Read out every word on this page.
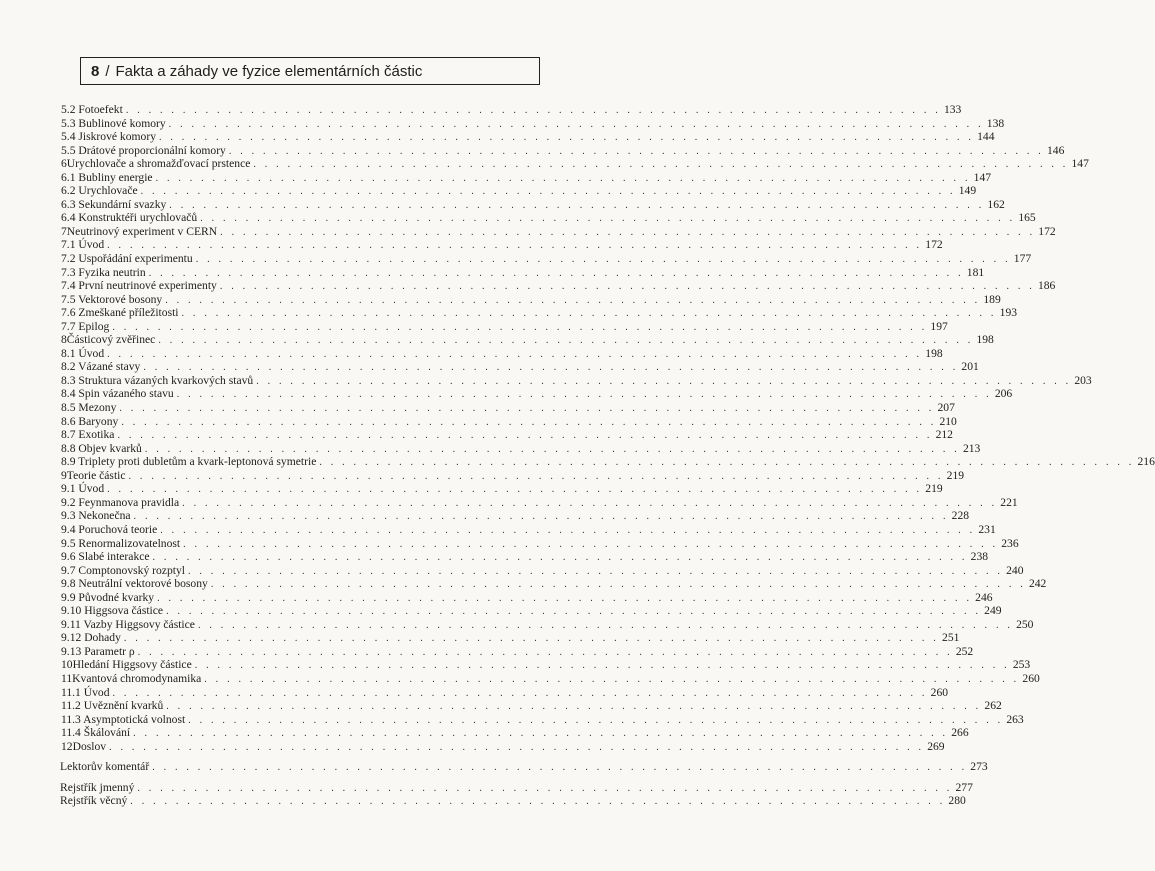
8 / Fakta a záhady ve fyzice elementárních částic
5.2 Fotoefekt . . . . . . . . . . . . . . . . . . . . . . . . . . . . . . . . . . . . . . . . . . . . . . . . . . . . . . . . . . . . . . . . . . . . . . . . 133
5.3 Bublinové komory . . . . . . . . . . . . . . . . . . . . . . . . . . . . . . . . . . . . . . . . . . . . . . . . . . . . . . . . . . . . . . . . . . . . . . . . 138
5.4 Jiskrové komory . . . . . . . . . . . . . . . . . . . . . . . . . . . . . . . . . . . . . . . . . . . . . . . . . . . . . . . . . . . . . . . . . . . . . . . . 144
5.5 Drátové proporcionální komory . . . . . . . . . . . . . . . . . . . . . . . . . . . . . . . . . . . . . . . . . . . . . . . . . . . . . . . . . . . . . . . . . . . . . . . . 146
6 Urychlovače a shromažďovací prstence . . . . . . . . . . . . . . . . . . . . . . . . . . . . . . . . . . . . . . . . . . . . . . . . . . . . . . . . . . . . . . . . . . . . . . . . 147
6.1 Bubliny energie . . . . . . . . . . . . . . . . . . . . . . . . . . . . . . . . . . . . . . . . . . . . . . . . . . . . . . . . . . . . . . . . . . . . . . . . 147
6.2 Urychlovače . . . . . . . . . . . . . . . . . . . . . . . . . . . . . . . . . . . . . . . . . . . . . . . . . . . . . . . . . . . . . . . . . . . . . . . . 149
6.3 Sekundární svazky . . . . . . . . . . . . . . . . . . . . . . . . . . . . . . . . . . . . . . . . . . . . . . . . . . . . . . . . . . . . . . . . . . . . . . . . 162
6.4 Konstruktéři urychlovačů . . . . . . . . . . . . . . . . . . . . . . . . . . . . . . . . . . . . . . . . . . . . . . . . . . . . . . . . . . . . . . . . . . . . . . . . 165
7 Neutrinový experiment v CERN . . . . . . . . . . . . . . . . . . . . . . . . . . . . . . . . . . . . . . . . . . . . . . . . . . . . . . . . . . . . . . . . . . . . . . . . 172
7.1 Úvod . . . . . . . . . . . . . . . . . . . . . . . . . . . . . . . . . . . . . . . . . . . . . . . . . . . . . . . . . . . . . . . . . . . . . . . . 172
7.2 Uspořádání experimentu . . . . . . . . . . . . . . . . . . . . . . . . . . . . . . . . . . . . . . . . . . . . . . . . . . . . . . . . . . . . . . . . . . . . . . . . 177
7.3 Fyzika neutrin . . . . . . . . . . . . . . . . . . . . . . . . . . . . . . . . . . . . . . . . . . . . . . . . . . . . . . . . . . . . . . . . . . . . . . . . 181
7.4 První neutrinové experimenty . . . . . . . . . . . . . . . . . . . . . . . . . . . . . . . . . . . . . . . . . . . . . . . . . . . . . . . . . . . . . . . . . . . . . . . . 186
7.5 Vektorové bosony . . . . . . . . . . . . . . . . . . . . . . . . . . . . . . . . . . . . . . . . . . . . . . . . . . . . . . . . . . . . . . . . . . . . . . . . 189
7.6 Zmeškané příležitosti . . . . . . . . . . . . . . . . . . . . . . . . . . . . . . . . . . . . . . . . . . . . . . . . . . . . . . . . . . . . . . . . . . . . . . . . 193
7.7 Epilog . . . . . . . . . . . . . . . . . . . . . . . . . . . . . . . . . . . . . . . . . . . . . . . . . . . . . . . . . . . . . . . . . . . . . . . . 197
8 Částicový zvěřinec . . . . . . . . . . . . . . . . . . . . . . . . . . . . . . . . . . . . . . . . . . . . . . . . . . . . . . . . . . . . . . . . . . . . . . . . 198
8.1 Úvod . . . . . . . . . . . . . . . . . . . . . . . . . . . . . . . . . . . . . . . . . . . . . . . . . . . . . . . . . . . . . . . . . . . . . . . . 198
8.2 Vázané stavy . . . . . . . . . . . . . . . . . . . . . . . . . . . . . . . . . . . . . . . . . . . . . . . . . . . . . . . . . . . . . . . . . . . . . . . . 201
8.3 Struktura vázaných kvarkových stavů . . . . . . . . . . . . . . . . . . . . . . . . . . . . . . . . . . . . . . . . . . . . . . . . . . . . . . . . . . . . . . . . . . . . . . . . 203
8.4 Spin vázaného stavu . . . . . . . . . . . . . . . . . . . . . . . . . . . . . . . . . . . . . . . . . . . . . . . . . . . . . . . . . . . . . . . . . . . . . . . . 206
8.5 Mezony . . . . . . . . . . . . . . . . . . . . . . . . . . . . . . . . . . . . . . . . . . . . . . . . . . . . . . . . . . . . . . . . . . . . . . . . 207
8.6 Baryony . . . . . . . . . . . . . . . . . . . . . . . . . . . . . . . . . . . . . . . . . . . . . . . . . . . . . . . . . . . . . . . . . . . . . . . . 210
8.7 Exotika . . . . . . . . . . . . . . . . . . . . . . . . . . . . . . . . . . . . . . . . . . . . . . . . . . . . . . . . . . . . . . . . . . . . . . . . 212
8.8 Objev kvarků . . . . . . . . . . . . . . . . . . . . . . . . . . . . . . . . . . . . . . . . . . . . . . . . . . . . . . . . . . . . . . . . . . . . . . . . 213
8.9 Triplety proti dubletům a kvark-leptonová symetrie . . . . . . . . . . . . . . . . . . . . . . . . . . . . . . . . . . . . . . . . . . . . . . . . . . . . . . . . . . . . . . . . . . . . . . . . 216
9 Teorie částic . . . . . . . . . . . . . . . . . . . . . . . . . . . . . . . . . . . . . . . . . . . . . . . . . . . . . . . . . . . . . . . . . . . . . . . . 219
9.1 Úvod . . . . . . . . . . . . . . . . . . . . . . . . . . . . . . . . . . . . . . . . . . . . . . . . . . . . . . . . . . . . . . . . . . . . . . . . 219
9.2 Feynmanova pravidla . . . . . . . . . . . . . . . . . . . . . . . . . . . . . . . . . . . . . . . . . . . . . . . . . . . . . . . . . . . . . . . . . . . . . . . . 221
9.3 Nekonečna . . . . . . . . . . . . . . . . . . . . . . . . . . . . . . . . . . . . . . . . . . . . . . . . . . . . . . . . . . . . . . . . . . . . . . . . 228
9.4 Poruchová teorie . . . . . . . . . . . . . . . . . . . . . . . . . . . . . . . . . . . . . . . . . . . . . . . . . . . . . . . . . . . . . . . . . . . . . . . . 231
9.5 Renormalizovatelnost . . . . . . . . . . . . . . . . . . . . . . . . . . . . . . . . . . . . . . . . . . . . . . . . . . . . . . . . . . . . . . . . . . . . . . . . 236
9.6 Slabé interakce . . . . . . . . . . . . . . . . . . . . . . . . . . . . . . . . . . . . . . . . . . . . . . . . . . . . . . . . . . . . . . . . . . . . . . . . 238
9.7 Comptonovský rozptyl . . . . . . . . . . . . . . . . . . . . . . . . . . . . . . . . . . . . . . . . . . . . . . . . . . . . . . . . . . . . . . . . . . . . . . . . 240
9.8 Neutrální vektorové bosony . . . . . . . . . . . . . . . . . . . . . . . . . . . . . . . . . . . . . . . . . . . . . . . . . . . . . . . . . . . . . . . . . . . . . . . . 242
9.9 Původné kvarky . . . . . . . . . . . . . . . . . . . . . . . . . . . . . . . . . . . . . . . . . . . . . . . . . . . . . . . . . . . . . . . . . . . . . . . . 246
9.10 Higgsova částice . . . . . . . . . . . . . . . . . . . . . . . . . . . . . . . . . . . . . . . . . . . . . . . . . . . . . . . . . . . . . . . . . . . . . . . . 249
9.11 Vazby Higgsovy částice . . . . . . . . . . . . . . . . . . . . . . . . . . . . . . . . . . . . . . . . . . . . . . . . . . . . . . . . . . . . . . . . . . . . . . . . 250
9.12 Dohady . . . . . . . . . . . . . . . . . . . . . . . . . . . . . . . . . . . . . . . . . . . . . . . . . . . . . . . . . . . . . . . . . . . . . . . . 251
9.13 Parametr ρ . . . . . . . . . . . . . . . . . . . . . . . . . . . . . . . . . . . . . . . . . . . . . . . . . . . . . . . . . . . . . . . . . . . . . . . . 252
10 Hledání Higgsovy částice . . . . . . . . . . . . . . . . . . . . . . . . . . . . . . . . . . . . . . . . . . . . . . . . . . . . . . . . . . . . . . . . . . . . . . . . 253
11 Kvantová chromodynamika . . . . . . . . . . . . . . . . . . . . . . . . . . . . . . . . . . . . . . . . . . . . . . . . . . . . . . . . . . . . . . . . . . . . . . . . 260
11.1 Úvod . . . . . . . . . . . . . . . . . . . . . . . . . . . . . . . . . . . . . . . . . . . . . . . . . . . . . . . . . . . . . . . . . . . . . . . . 260
11.2 Uvěznění kvarků . . . . . . . . . . . . . . . . . . . . . . . . . . . . . . . . . . . . . . . . . . . . . . . . . . . . . . . . . . . . . . . . . . . . . . . . 262
11.3 Asymptotická volnost . . . . . . . . . . . . . . . . . . . . . . . . . . . . . . . . . . . . . . . . . . . . . . . . . . . . . . . . . . . . . . . . . . . . . . . . 263
11.4 Škálování . . . . . . . . . . . . . . . . . . . . . . . . . . . . . . . . . . . . . . . . . . . . . . . . . . . . . . . . . . . . . . . . . . . . . . . . 266
12 Doslov . . . . . . . . . . . . . . . . . . . . . . . . . . . . . . . . . . . . . . . . . . . . . . . . . . . . . . . . . . . . . . . . . . . . . . . . 269
Lektorův komentář . . . . . . . . . . . . . . . . . . . . . . . . . . . . . . . . . . . . . . . . . . . . . . . . . . . . . . . . . . . . . . . . . . . . . . . . 273
Rejstřík jmenný . . . . . . . . . . . . . . . . . . . . . . . . . . . . . . . . . . . . . . . . . . . . . . . . . . . . . . . . . . . . . . . . . . . . . . . . 277
Rejstřík věcný . . . . . . . . . . . . . . . . . . . . . . . . . . . . . . . . . . . . . . . . . . . . . . . . . . . . . . . . . . . . . . . . . . . . . . . . 280
